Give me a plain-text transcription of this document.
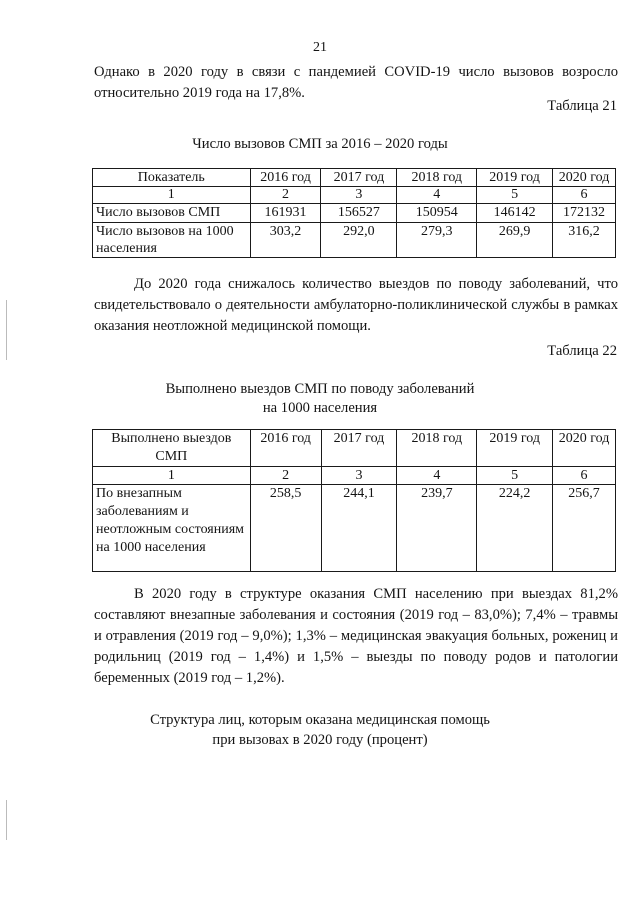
21
Однако в 2020 году в связи с пандемией COVID-19 число вызовов возросло относительно 2019 года на 17,8%.
Таблица 21
Число вызовов СМП за 2016 – 2020 годы
Показатель	2016 год	2017 год	2018 год	2019 год	2020 год
1	2	3	4	5	6
Число вызовов СМП	161931	156527	150954	146142	172132
Число вызовов на 1000 населения	303,2	292,0	279,3	269,9	316,2
До 2020 года снижалось количество выездов по поводу заболеваний, что свидетельствовало о деятельности амбулаторно-поликлинической службы в рамках оказания неотложной медицинской помощи.
Таблица 22
Выполнено выездов СМП по поводу заболеваний
на 1000 населения
Выполнено выездов СМП	2016 год	2017 год	2018 год	2019 год	2020 год
1	2	3	4	5	6
По внезапным заболеваниям и неотложным состояниям на 1000 населения	258,5	244,1	239,7	224,2	256,7
В 2020 году в структуре оказания СМП населению при выездах 81,2% составляют внезапные заболевания и состояния (2019 год – 83,0%); 7,4% – травмы и отравления (2019 год – 9,0%); 1,3% – медицинская эвакуация больных, рожениц и родильниц (2019 год – 1,4%) и 1,5% – выезды по поводу родов и патологии беременных (2019 год – 1,2%).
Структура лиц, которым оказана медицинская помощь
при вызовах в 2020 году (процент)
